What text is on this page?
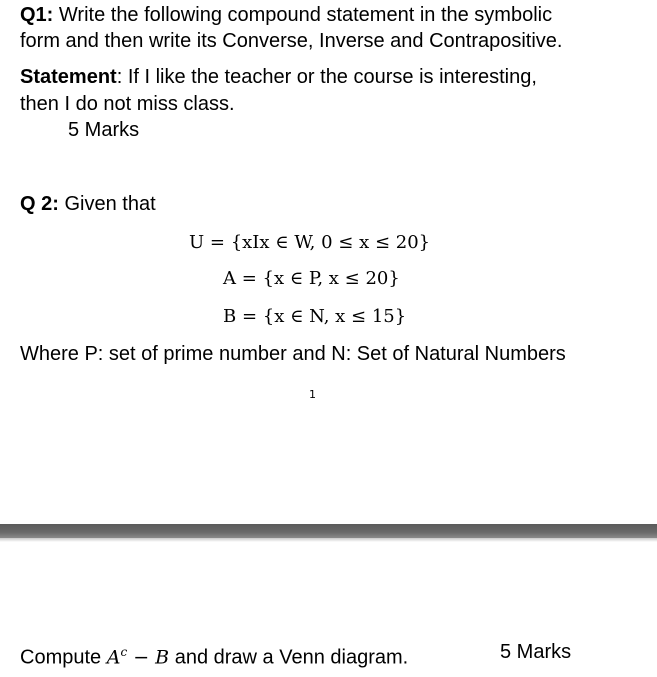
Q1: Write the following compound statement in the symbolic
form and then write its Converse, Inverse and Contrapositive.
Statement: If I like the teacher or the course is interesting,
then I do not miss class.
5 Marks
Q 2: Given that
U = {xIx ∈ W, 0 ≤ x ≤ 20}
A = {x ∈ P, x ≤ 20}
B = {x ∈ N, x ≤ 15}
Where P: set of prime number and N: Set of Natural Numbers
1
Compute $A^c - B$ and draw a Venn diagram.	5 Marks
